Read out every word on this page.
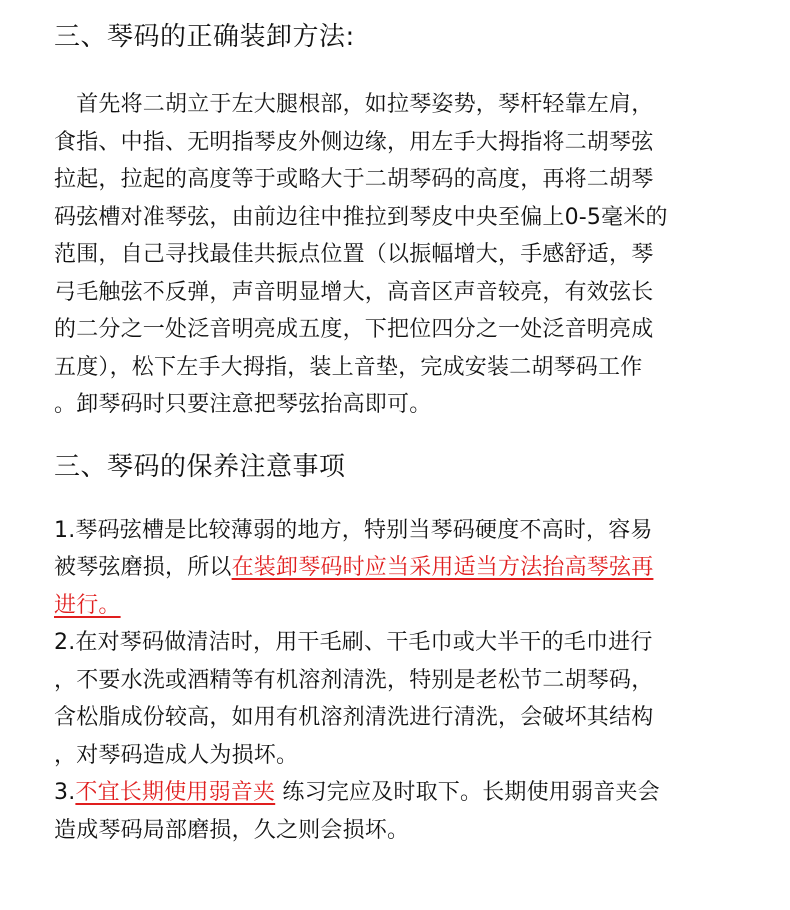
三、琴码的正确装卸方法:
　首先将二胡立于左大腿根部，如拉琴姿势，琴杆轻靠左肩，
食指、中指、无明指琴皮外侧边缘，用左手大拇指将二胡琴弦
拉起，拉起的高度等于或略大于二胡琴码的高度，再将二胡琴
码弦槽对准琴弦，由前边往中推拉到琴皮中央至偏上0-5毫米的
范围，自己寻找最佳共振点位置（以振幅增大，手感舒适，琴
弓毛触弦不反弹，声音明显增大，高音区声音较亮，有效弦长
的二分之一处泛音明亮成五度，下把位四分之一处泛音明亮成
五度），松下左手大拇指，装上音垫，完成安装二胡琴码工作
。卸琴码时只要注意把琴弦抬高即可。
三、琴码的保养注意事项
1.琴码弦槽是比较薄弱的地方，特别当琴码硬度不高时，容易
被琴弦磨损，所以在装卸琴码时应当采用适当方法抬高琴弦再
进行。
2.在对琴码做清洁时，用干毛刷、干毛巾或大半干的毛巾进行
，不要水洗或酒精等有机溶剂清洗，特别是老松节二胡琴码，
含松脂成份较高，如用有机溶剂清洗进行清洗，会破坏其结构
，对琴码造成人为损坏。
3.不宜长期使用弱音夹 练习完应及时取下。长期使用弱音夹会
造成琴码局部磨损，久之则会损坏。
